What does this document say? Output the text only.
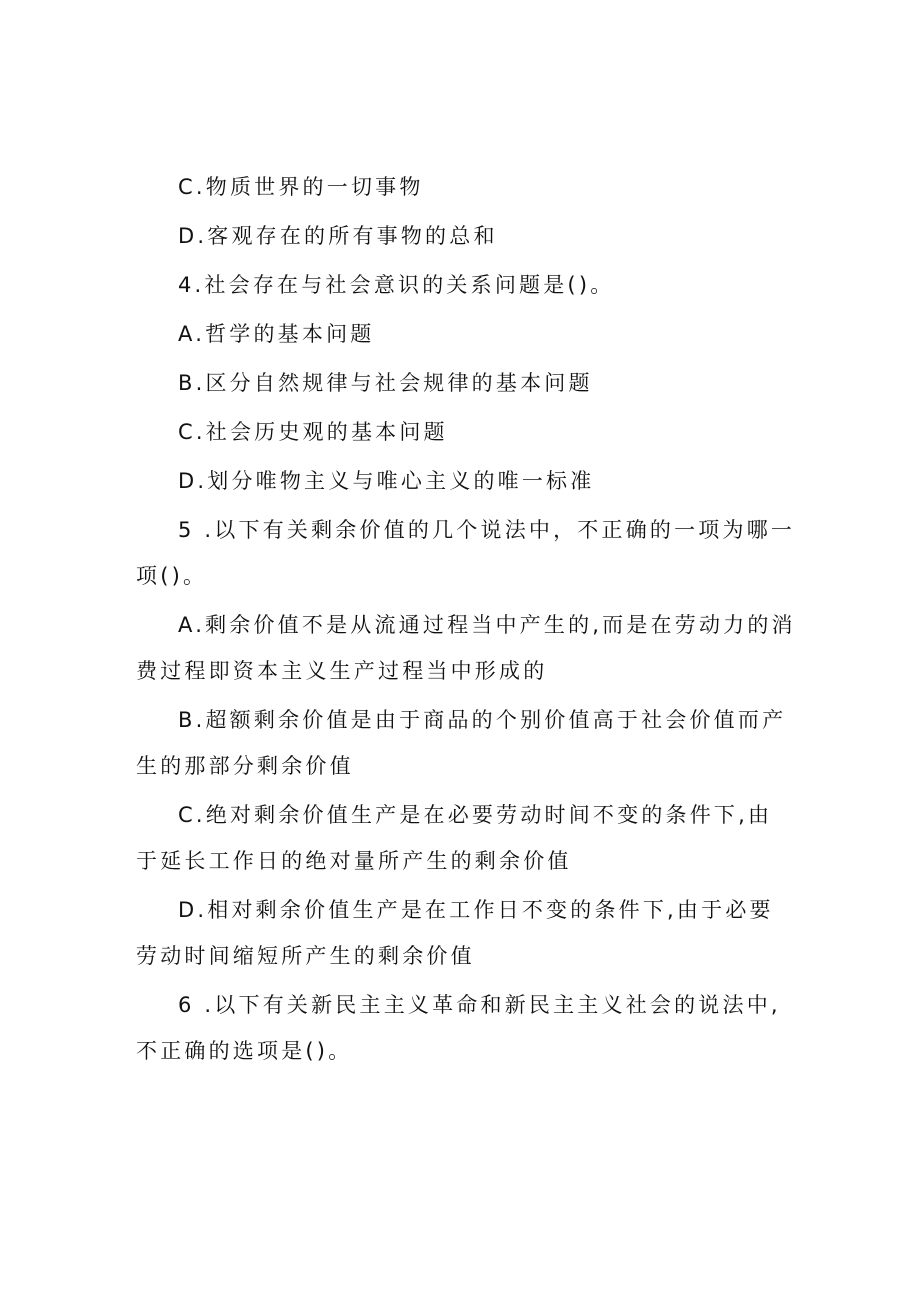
C.物质世界的一切事物

D.客观存在的所有事物的总和

4.社会存在与社会意识的关系问题是()。

A.哲学的基本问题

B.区分自然规律与社会规律的基本问题

C.社会历史观的基本问题

D.划分唯物主义与唯心主义的唯一标准

5 .以下有关剩余价值的几个说法中，不正确的一项为哪一项()。

A.剩余价值不是从流通过程当中产生的,而是在劳动力的消费过程即资本主义生产过程当中形成的

B.超额剩余价值是由于商品的个别价值高于社会价值而产生的那部分剩余价值

C.绝对剩余价值生产是在必要劳动时间不变的条件下,由于延长工作日的绝对量所产生的剩余价值

D.相对剩余价值生产是在工作日不变的条件下,由于必要劳动时间缩短所产生的剩余价值

6 .以下有关新民主主义革命和新民主主义社会的说法中,不正确的选项是()。
